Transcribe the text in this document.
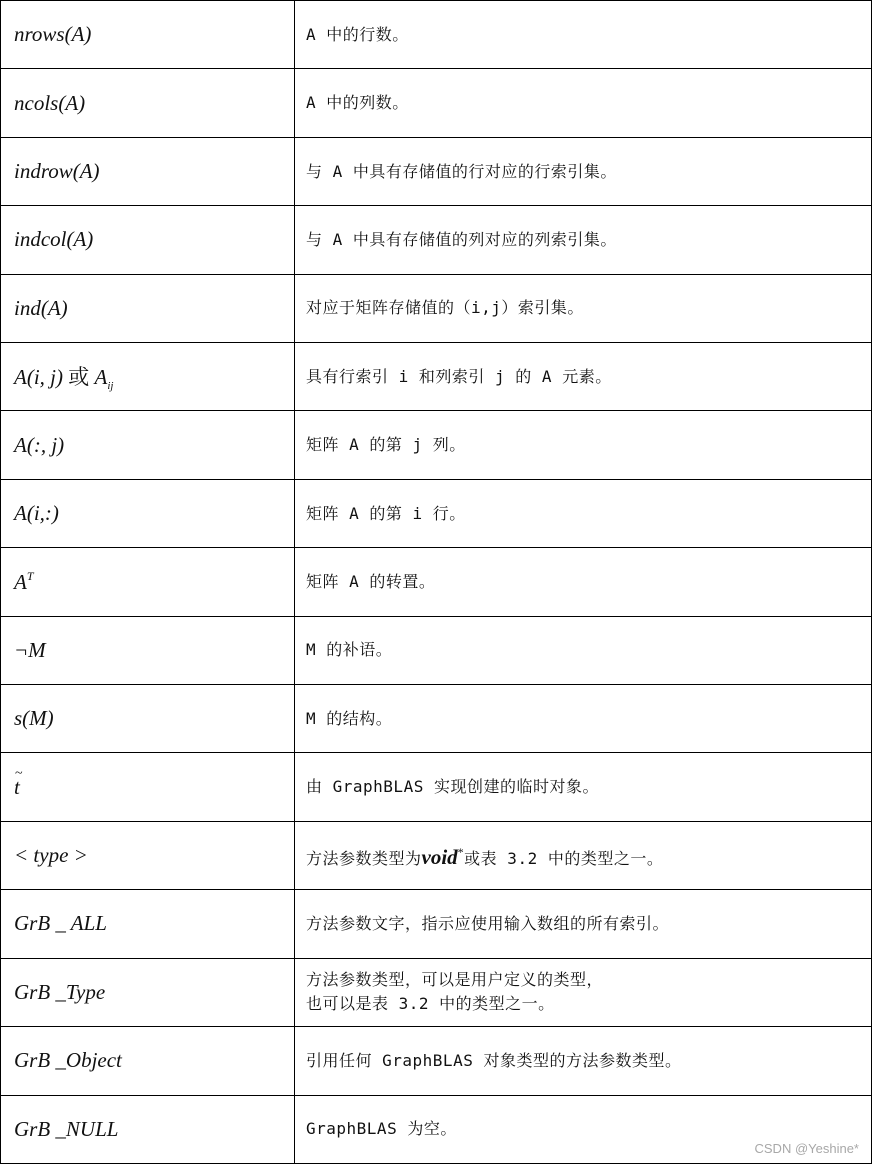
nrows(A)	A 中的行数。
ncols(A)	A 中的列数。
indrow(A)	与 A 中具有存储值的行对应的行索引集。
indcol(A)	与 A 中具有存储值的列对应的列索引集。
ind(A)	对应于矩阵存储值的（i,j）索引集。
A(i, j) 或 $A_{ij}$	具有行索引 i 和列索引 j 的 A 元素。
A(:, j)	矩阵 A 的第 j 列。
A(i,:)	矩阵 A 的第 i 行。
$A^T$	矩阵 A 的转置。
¬M	M 的补语。
s(M)	M 的结构。

~
t	由 GraphBLAS 实现创建的临时对象。
< type >	方法参数类型为void*或表 3.2 中的类型之一。
GrB _ ALL	方法参数文字，指示应使用输入数组的所有索引。
GrB _Type	方法参数类型，可以是用户定义的类型，
也可以是表 3.2 中的类型之一。

GrB _Object	引用任何 GraphBLAS 对象类型的方法参数类型。
GrB _NULL	GraphBLAS 为空。
CSDN @Yeshine*
